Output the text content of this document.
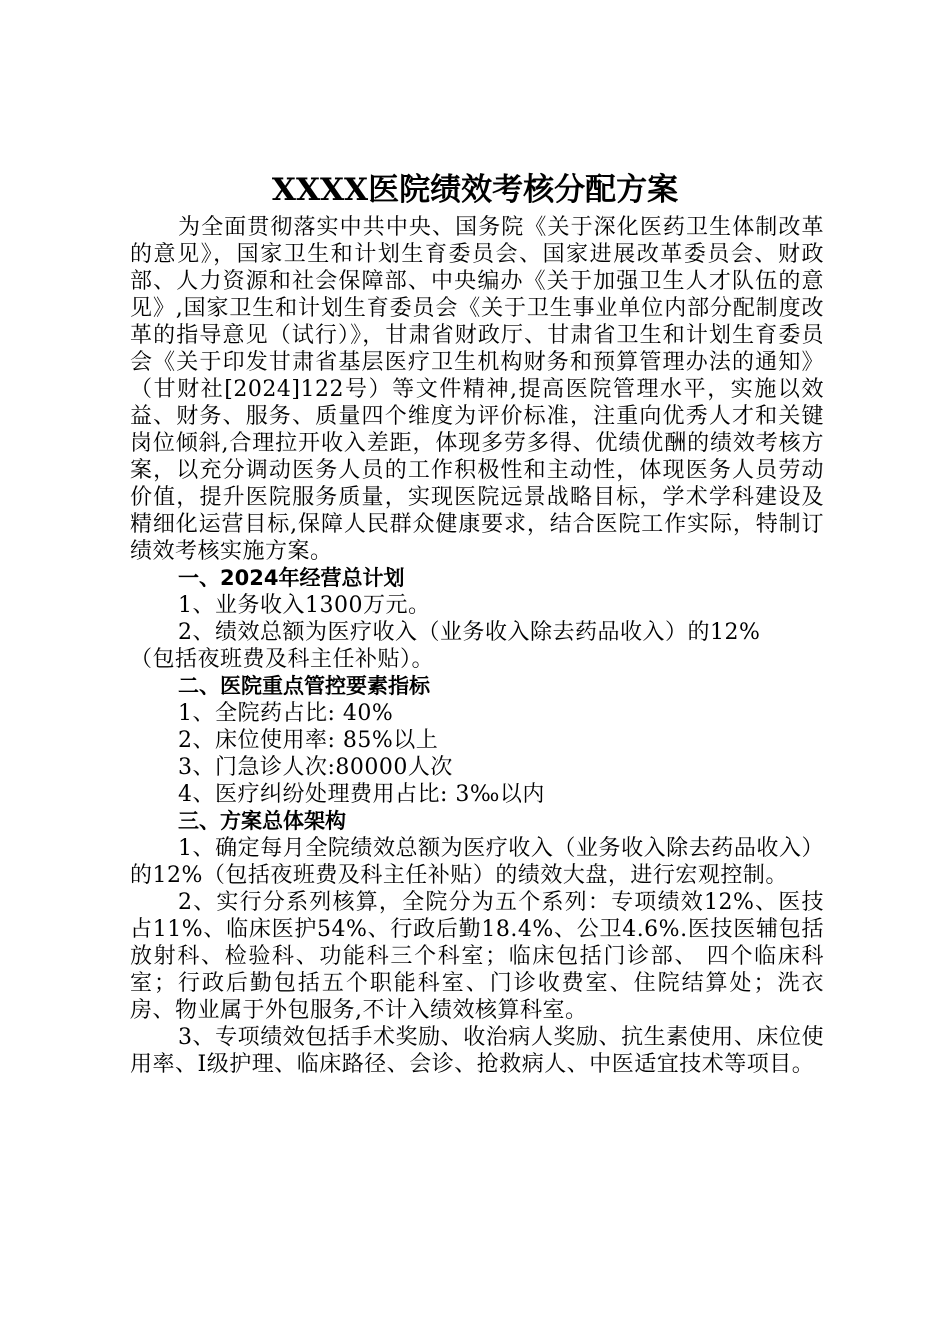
XXXX医院绩效考核分配方案

为全面贯彻落实中共中央、国务院《关于深化医药卫生体制改革的意见》，国家卫生和计划生育委员会、国家进展改革委员会、财政部、人力资源和社会保障部、中央编办《关于加强卫生人才队伍的意见》,国家卫生和计划生育委员会《关于卫生事业单位内部分配制度改革的指导意见（试行）》，甘肃省财政厅、甘肃省卫生和计划生育委员会《关于印发甘肃省基层医疗卫生机构财务和预算管理办法的通知》（甘财社[2024]122号）等文件精神,提高医院管理水平，实施以效益、财务、服务、质量四个维度为评价标准，注重向优秀人才和关键岗位倾斜,合理拉开收入差距，体现多劳多得、优绩优酬的绩效考核方案，以充分调动医务人员的工作积极性和主动性，体现医务人员劳动价值，提升医院服务质量，实现医院远景战略目标，学术学科建设及精细化运营目标,保障人民群众健康要求，结合医院工作实际，特制订绩效考核实施方案。

一、2024年经营总计划

1、业务收入1300万元。

2、绩效总额为医疗收入（业务收入除去药品收入）的12%

（包括夜班费及科主任补贴）。

二、医院重点管控要素指标

1、全院药占比: 40%

2、床位使用率: 85%以上

3、门急诊人次:80000人次

4、医疗纠纷处理费用占比: 3‰以内

三、方案总体架构

1、确定每月全院绩效总额为医疗收入（业务收入除去药品收入）的12%（包括夜班费及科主任补贴）的绩效大盘，进行宏观控制。

2、实行分系列核算，全院分为五个系列：专项绩效12%、医技占11%、临床医护54%、行政后勤18.4%、公卫4.6%.医技医辅包括放射科、检验科、功能科三个科室；临床包括门诊部、 四个临床科室；行政后勤包括五个职能科室、门诊收费室、住院结算处；洗衣房、物业属于外包服务,不计入绩效核算科室。

3、专项绩效包括手术奖励、收治病人奖励、抗生素使用、床位使用率、Ⅰ级护理、临床路径、会诊、抢救病人、中医适宜技术等项目。
